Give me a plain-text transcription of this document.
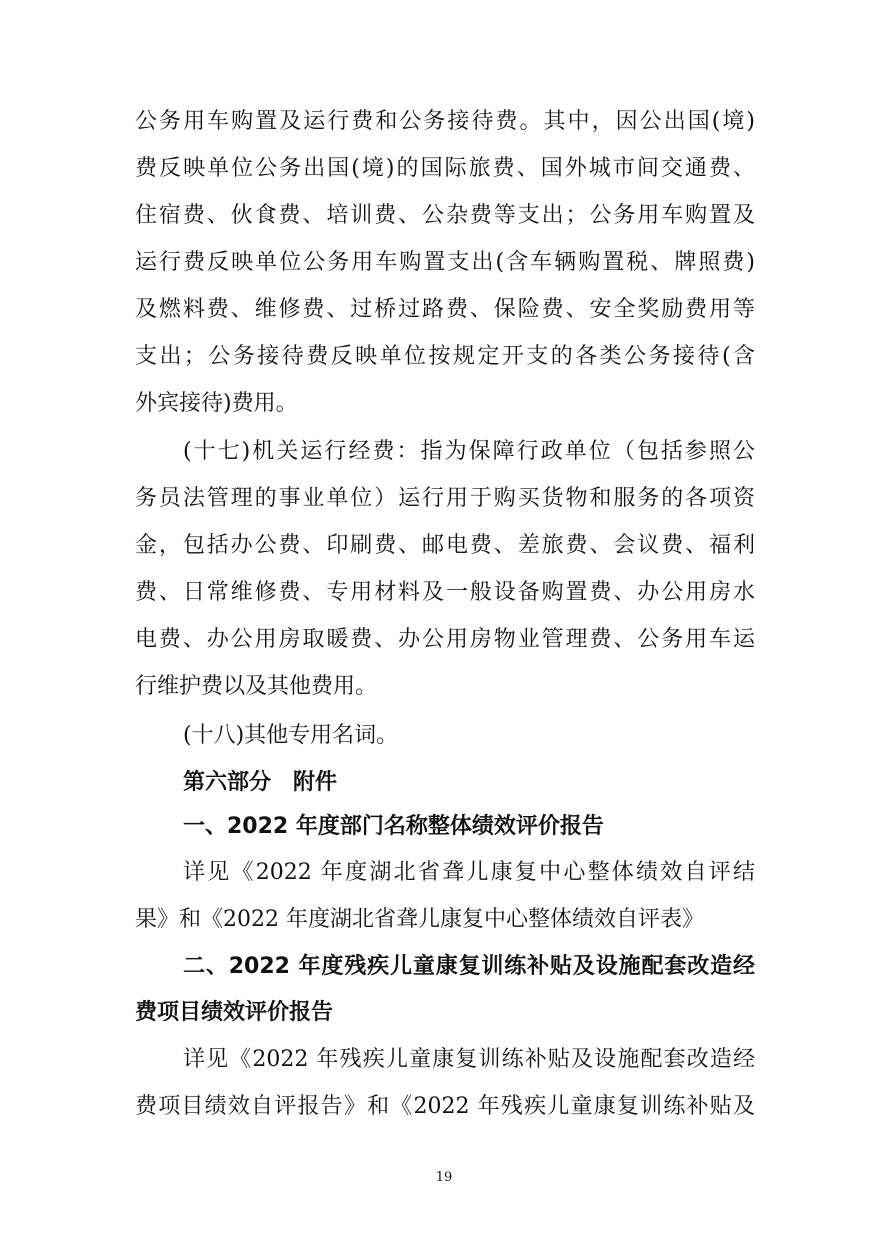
公务用车购置及运行费和公务接待费。其中，因公出国(境)
费反映单位公务出国(境)的国际旅费、国外城市间交通费、
住宿费、伙食费、培训费、公杂费等支出；公务用车购置及
运行费反映单位公务用车购置支出(含车辆购置税、牌照费)
及燃料费、维修费、过桥过路费、保险费、安全奖励费用等
支出；公务接待费反映单位按规定开支的各类公务接待(含
外宾接待)费用。
(十七)机关运行经费：指为保障行政单位（包括参照公
务员法管理的事业单位）运行用于购买货物和服务的各项资
金，包括办公费、印刷费、邮电费、差旅费、会议费、福利
费、日常维修费、专用材料及一般设备购置费、办公用房水
电费、办公用房取暖费、办公用房物业管理费、公务用车运
行维护费以及其他费用。
(十八)其他专用名词。
第六部分　附件
一、2022 年度部门名称整体绩效评价报告
详见《2022 年度湖北省聋儿康复中心整体绩效自评结
果》和《2022 年度湖北省聋儿康复中心整体绩效自评表》
二、2022 年度残疾儿童康复训练补贴及设施配套改造经
费项目绩效评价报告
详见《2022 年残疾儿童康复训练补贴及设施配套改造经
费项目绩效自评报告》和《2022 年残疾儿童康复训练补贴及
19
